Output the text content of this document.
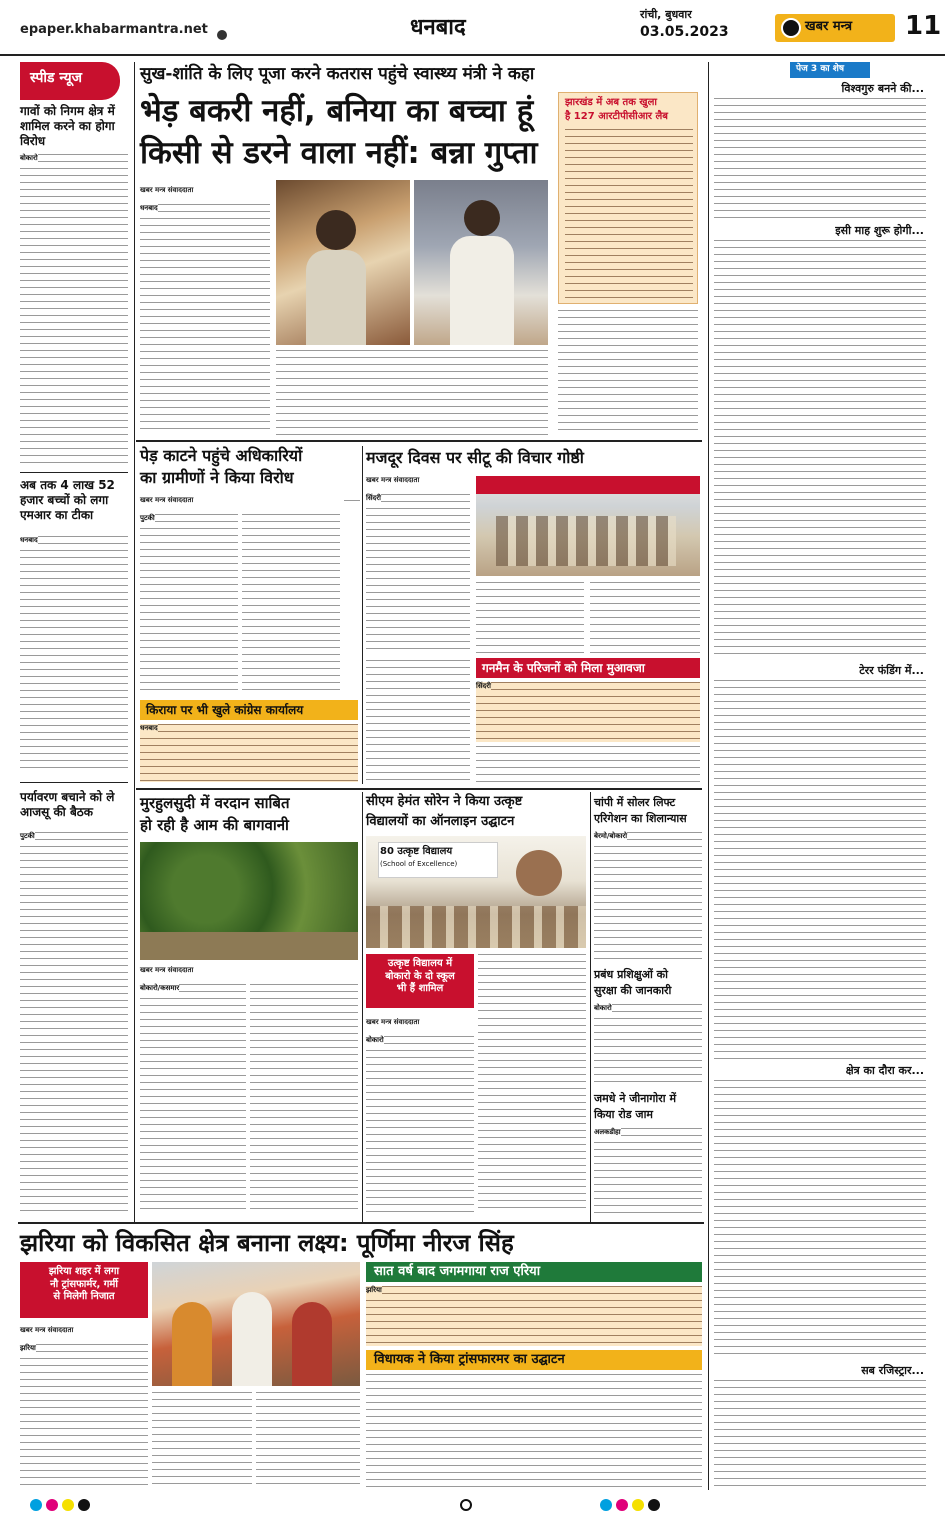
epaper.khabarmantra.net	धनबाद
रांची, बुधवार
03.05.2023	खबर मन्त्र	11
स्पीड न्यूज
गावों को निगम क्षेत्र में शामिल करने का होगा विरोध
बोकारो
अब तक 4 लाख 52 हजार बच्चों को लगा एमआर का टीका
धनबाद
पर्यावरण बचाने को ले आजसू की बैठक
पुटकी
सुख-शांति के लिए पूजा करने कतरास पहुंचे स्वास्थ्य मंत्री ने कहा
भेड़ बकरी नहीं, बनिया का बच्चा हूं
किसी से डरने वाला नहीं: बन्ना गुप्ता
खबर मन्त्र संवाददाता
धनबाद
झारखंड में अब तक खुला
है 127 आरटीपीसीआर लैब
पेड़ काटने पहुंचे अधिकारियों
का ग्रामीणों ने किया विरोध
खबर मन्त्र संवाददाता
पुटकी
मजदूर दिवस पर सीटू की विचार गोष्ठी
खबर मन्त्र संवाददाता
सिंदरी
गनमैन के परिजनों को मिला मुआवजा
सिंदरी
किराया पर भी खुले कांग्रेस कार्यालय
धनबाद
मुरहुलसुदी में वरदान साबित
हो रही है आम की बागवानी
खबर मन्त्र संवाददाता
बोकारो/कसमार
सीएम हेमंत सोरेन ने किया उत्कृष्ट
विद्यालयों का ऑनलाइन उद्घाटन
80 उत्कृष्ट विद्यालय
(School of Excellence)
उत्कृष्ट विद्यालय में
बोकारो के दो स्कूल
भी हैं शामिल
खबर मन्त्र संवाददाता
बोकारो
चांपी में सोलर लिफ्ट
एरिगेशन का शिलान्यास
बेरमो/बोकारो
प्रबंध प्रशिक्षुओं को
सुरक्षा की जानकारी
बोकारो
जमधे ने जीनागोरा में
किया रोड जाम
अलकडीहा
झरिया को विकसित क्षेत्र बनाना लक्ष्य: पूर्णिमा नीरज सिंह
झरिया शहर में लगा
नौ ट्रांसफार्मर, गर्मी
से मिलेगी निजात
खबर मन्त्र संवाददाता
झरिया
सात वर्ष बाद जगमगाया राज एरिया
झरिया
विधायक ने किया ट्रांसफारमर का उद्घाटन
पेज 3 का शेष
विश्वगुरु बनने की...
इसी माह शुरू होगी...
टेरर फंडिंग में...
क्षेत्र का दौरा कर...
सब रजिस्ट्रार...
